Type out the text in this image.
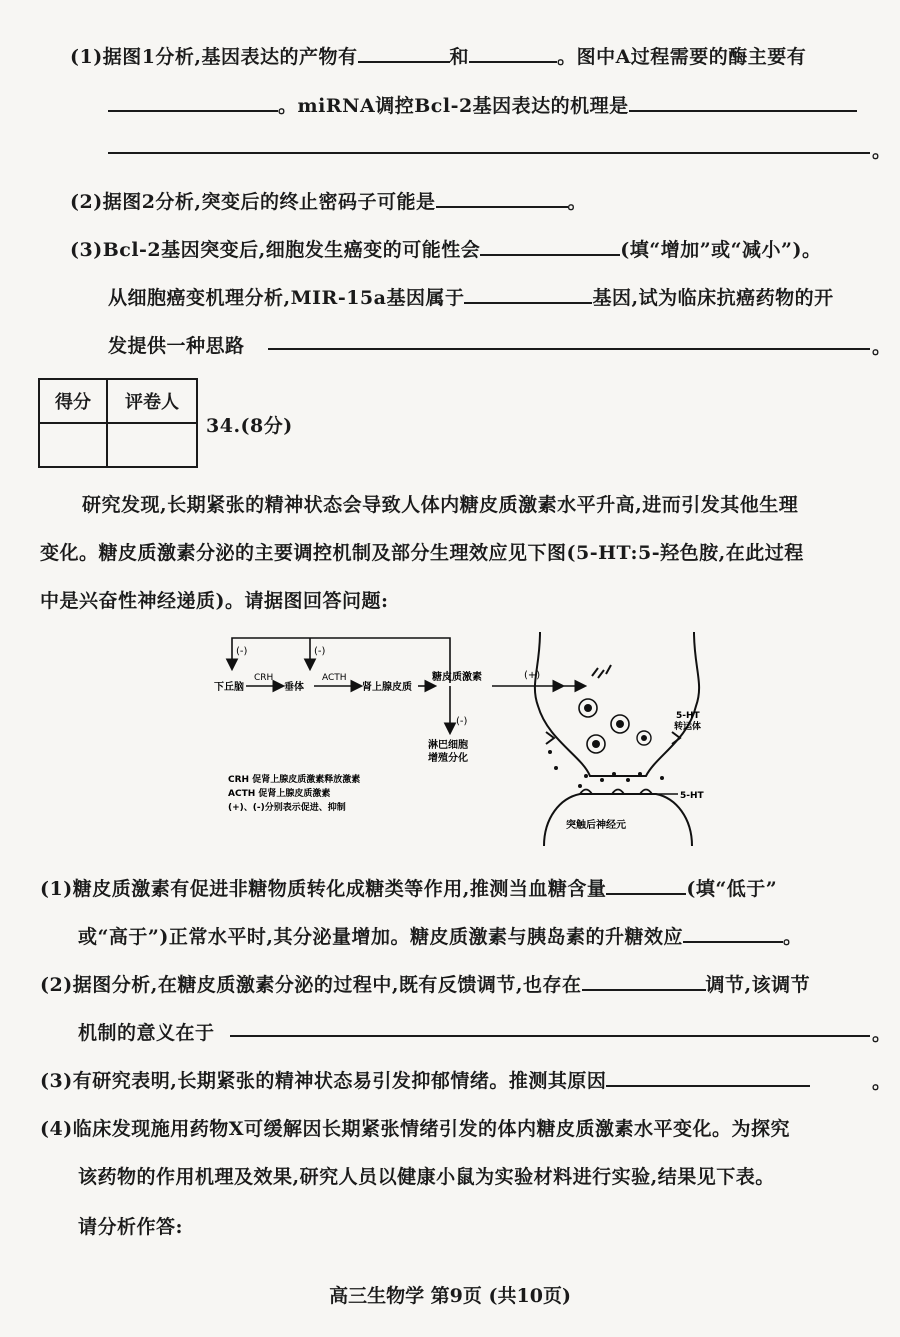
(1)据图1分析,基因表达的产物有	和	。图中A过程需要的酶主要有
。miRNA调控Bcl-2基因表达的机理是
。
(2)据图2分析,突变后的终止密码子可能是	。
(3)Bcl-2基因突变后,细胞发生癌变的可能性会	(填“增加”或“减小”)。
从细胞癌变机理分析,MIR-15a基因属于	基因,试为临床抗癌药物的开
发提供一种思路	。
得分	评卷人

34.(8分)
研究发现,长期紧张的精神状态会导致人体内糖皮质激素水平升高,进而引发其他生理
变化。糖皮质激素分泌的主要调控机制及部分生理效应见下图(5-HT:5-羟色胺,在此过程
中是兴奋性神经递质)。请据图回答问题:
(-)	(-)
下丘脑
CRH
垂体
ACTH
肾上腺皮质
糖皮质激素	(+)
(-)
淋巴细胞
增殖分化
CRH 促肾上腺皮质激素释放激素
ACTH 促肾上腺皮质激素
(+)、(-)分别表示促进、抑制
5-HT
转运体
5-HT
突触后神经元
(1)糖皮质激素有促进非糖物质转化成糖类等作用,推测当血糖含量	(填“低于”
或“高于”)正常水平时,其分泌量增加。糖皮质激素与胰岛素的升糖效应	。
(2)据图分析,在糖皮质激素分泌的过程中,既有反馈调节,也存在	调节,该调节
机制的意义在于	。
(3)有研究表明,长期紧张的精神状态易引发抑郁情绪。推测其原因	。
(4)临床发现施用药物X可缓解因长期紧张情绪引发的体内糖皮质激素水平变化。为探究
该药物的作用机理及效果,研究人员以健康小鼠为实验材料进行实验,结果见下表。
请分析作答:
高三生物学 第9页 (共10页)
